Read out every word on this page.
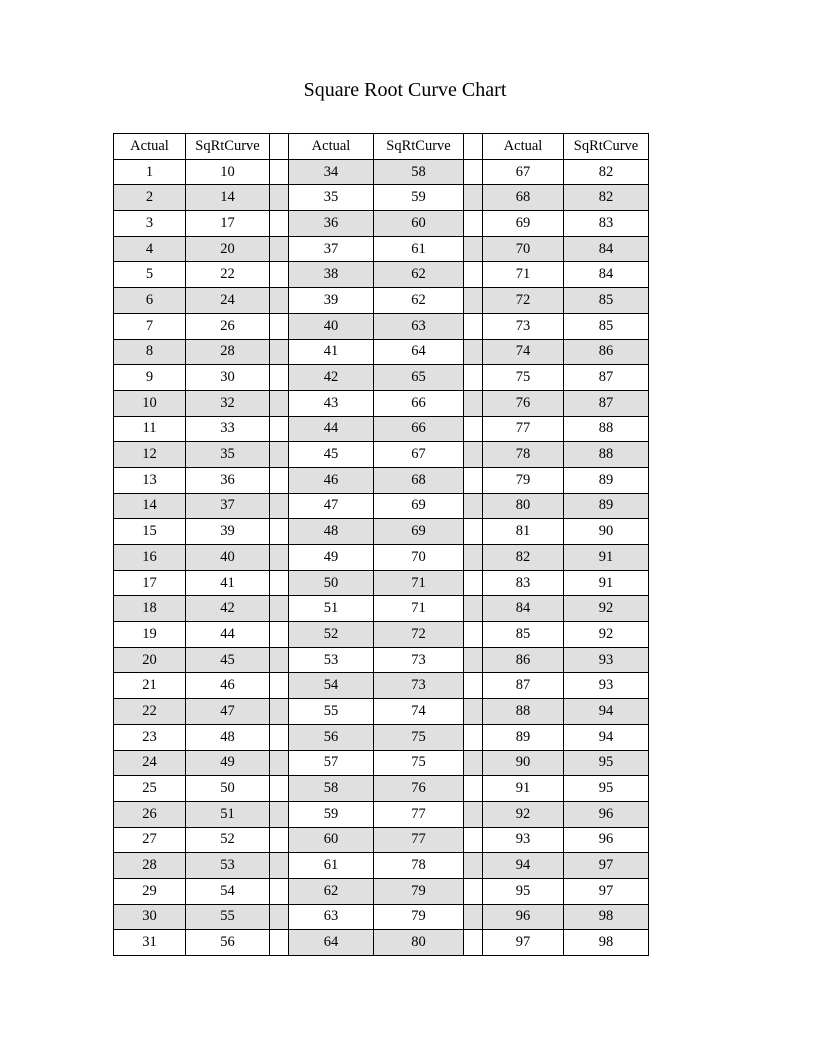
Square Root Curve Chart
Actual	SqRtCurve		Actual	SqRtCurve		Actual	SqRtCurve
1	10		34	58		67	82
2	14		35	59		68	82
3	17		36	60		69	83
4	20		37	61		70	84
5	22		38	62		71	84
6	24		39	62		72	85
7	26		40	63		73	85
8	28		41	64		74	86
9	30		42	65		75	87
10	32		43	66		76	87
11	33		44	66		77	88
12	35		45	67		78	88
13	36		46	68		79	89
14	37		47	69		80	89
15	39		48	69		81	90
16	40		49	70		82	91
17	41		50	71		83	91
18	42		51	71		84	92
19	44		52	72		85	92
20	45		53	73		86	93
21	46		54	73		87	93
22	47		55	74		88	94
23	48		56	75		89	94
24	49		57	75		90	95
25	50		58	76		91	95
26	51		59	77		92	96
27	52		60	77		93	96
28	53		61	78		94	97
29	54		62	79		95	97
30	55		63	79		96	98
31	56		64	80		97	98
